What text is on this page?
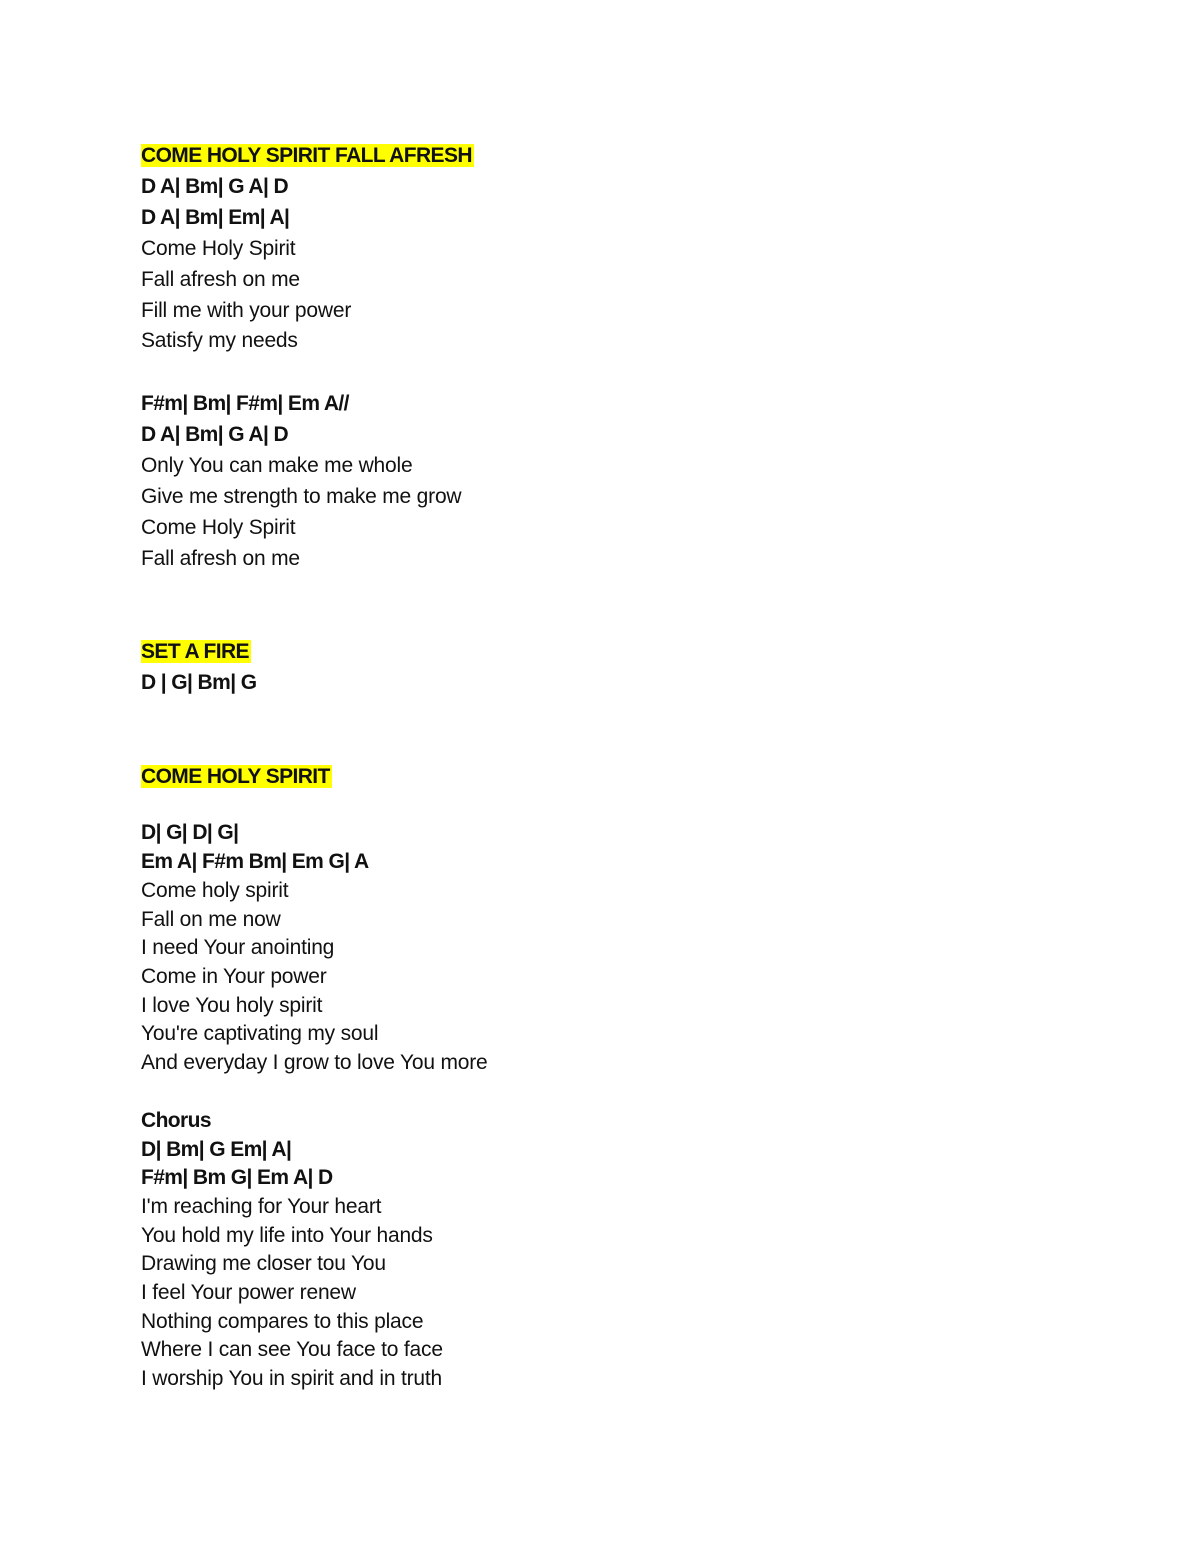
COME HOLY SPIRIT FALL AFRESH
D A| Bm| G A| D
D A| Bm| Em| A|
Come Holy Spirit
Fall afresh on me
Fill me with your power
Satisfy my needs
F#m| Bm| F#m| Em A//
D A| Bm| G A| D
Only You can make me whole
Give me strength to make me grow
Come Holy Spirit
Fall afresh on me
SET A FIRE
D | G| Bm| G
COME HOLY SPIRIT
D| G| D| G|
Em A| F#m Bm| Em G| A
Come holy spirit
Fall on me now
I need Your anointing
Come in Your power
I love You holy spirit
You're captivating my soul
And everyday I grow to love You more
Chorus
D| Bm| G Em| A|
F#m| Bm G| Em A| D
I'm reaching for Your heart
You hold my life into Your hands
Drawing me closer tou You
I feel Your power renew
Nothing compares to this place
Where I can see You face to face
I worship You in spirit and in truth
